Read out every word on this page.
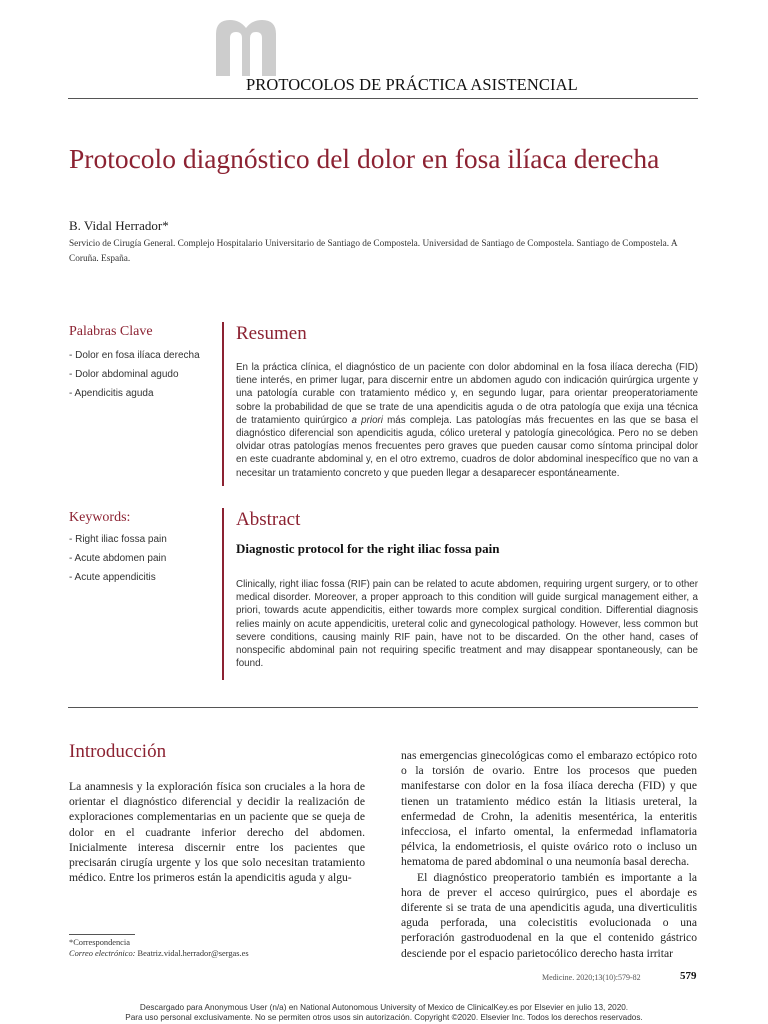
PROTOCOLOS DE PRÁCTICA ASISTENCIAL
Protocolo diagnóstico del dolor en fosa ilíaca derecha
B. Vidal Herrador*
Servicio de Cirugía General. Complejo Hospitalario Universitario de Santiago de Compostela. Universidad de Santiago de Compostela. Santiago de Compostela. A Coruña. España.
Palabras Clave
- Dolor en fosa ilíaca derecha
- Dolor abdominal agudo
- Apendicitis aguda
Resumen

En la práctica clínica, el diagnóstico de un paciente con dolor abdominal en la fosa ilíaca derecha (FID) tiene interés, en primer lugar, para discernir entre un abdomen agudo con indicación quirúrgica urgente y una patología curable con tratamiento médico y, en segundo lugar, para orientar preoperatoriamente sobre la probabilidad de que se trate de una apendicitis aguda o de otra patología que exija una técnica de tratamiento quirúrgico a priori más compleja. Las patologías más frecuentes en las que se basa el diagnóstico diferencial son apendicitis aguda, cólico ureteral y patología ginecológica. Pero no se deben olvidar otras patologías menos frecuentes pero graves que pueden causar como síntoma principal dolor en este cuadrante abdominal y, en el otro extremo, cuadros de dolor abdominal inespecífico que no van a necesitar un tratamiento concreto y que pueden llegar a desaparecer espontáneamente.

Keywords:
- Right iliac fossa pain
- Acute abdomen pain
- Acute appendicitis
Abstract
Diagnostic protocol for the right iliac fossa pain

Clinically, right iliac fossa (RIF) pain can be related to acute abdomen, requiring urgent surgery, or to other medical disorder. Moreover, a proper approach to this condition will guide surgical management either, a priori, towards acute appendicitis, either towards more complex surgical condition. Differential diagnosis relies mainly on acute appendicitis, ureteral colic and gynecological pathology. However, less common but severe conditions, causing mainly RIF pain, have not to be discarded. On the other hand, cases of nonspecific abdominal pain not requiring specific treatment and may disappear spontaneously, can be found.

Introducción

La anamnesis y la exploración física son cruciales a la hora de orientar el diagnóstico diferencial y decidir la realización de exploraciones complementarias en un paciente que se queja de dolor en el cuadrante inferior derecho del abdomen. Inicialmente interesa discernir entre los pacientes que precisarán cirugía urgente y los que solo necesitan tratamiento médico. Entre los primeros están la apendicitis aguda y algu-

nas emergencias ginecológicas como el embarazo ectópico roto o la torsión de ovario. Entre los procesos que pueden manifestarse con dolor en la fosa ilíaca derecha (FID) y que tienen un tratamiento médico están la litiasis ureteral, la enfermedad de Crohn, la adenitis mesentérica, la enteritis infecciosa, el infarto omental, la enfermedad inflamatoria pélvica, la endometriosis, el quiste ovárico roto o incluso un hematoma de pared abdominal o una neumonía basal derecha.

El diagnóstico preoperatorio también es importante a la hora de prever el acceso quirúrgico, pues el abordaje es diferente si se trata de una apendicitis aguda, una diverticulitis aguda perforada, una colecistitis evolucionada o una perforación gastroduodenal en la que el contenido gástrico desciende por el espacio parietocólico derecho hasta irritar

*Correspondencia
Correo electrónico: Beatriz.vidal.herrador@sergas.es
Medicine. 2020;13(10):579-82	579
Descargado para Anonymous User (n/a) en National Autonomous University of Mexico de ClinicalKey.es por Elsevier en julio 13, 2020.
Para uso personal exclusivamente. No se permiten otros usos sin autorización. Copyright ©2020. Elsevier Inc. Todos los derechos reservados.
